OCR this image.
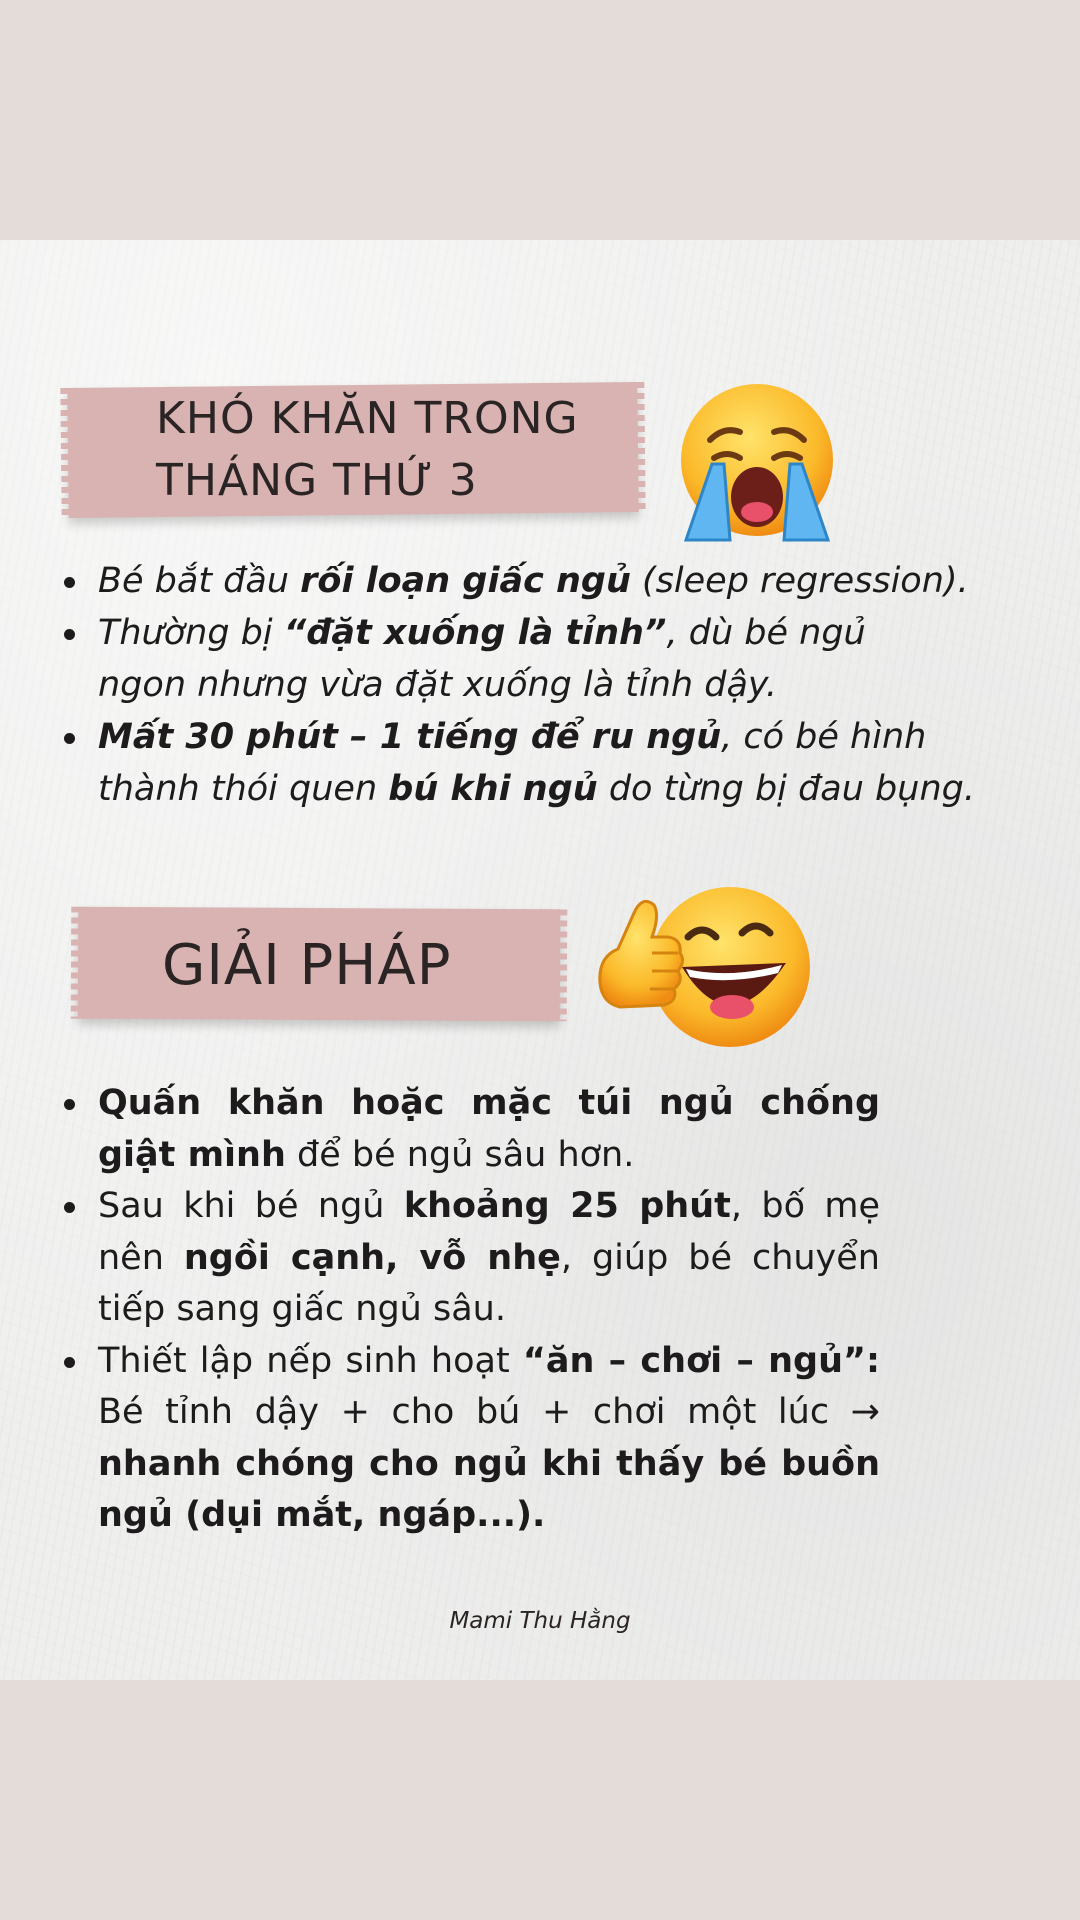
KHÓ KHĂN TRONG
THÁNG THỨ 3
Bé bắt đầu rối loạn giấc ngủ (sleep regression).
Thường bị “đặt xuống là tỉnh”, dù bé ngủ ngon nhưng vừa đặt xuống là tỉnh dậy.
Mất 30 phút – 1 tiếng để ru ngủ, có bé hình thành thói quen bú khi ngủ do từng bị đau bụng.
GIẢI PHÁP
Quấn khăn hoặc mặc túi ngủ chống giật mình để bé ngủ sâu hơn.
Sau khi bé ngủ khoảng 25 phút, bố mẹ nên ngồi cạnh, vỗ nhẹ, giúp bé chuyển tiếp sang giấc ngủ sâu.
Thiết lập nếp sinh hoạt “ăn – chơi – ngủ”: Bé tỉnh dậy + cho bú + chơi một lúc → nhanh chóng cho ngủ khi thấy bé buồn ngủ (dụi mắt, ngáp...).
Mami Thu Hằng
